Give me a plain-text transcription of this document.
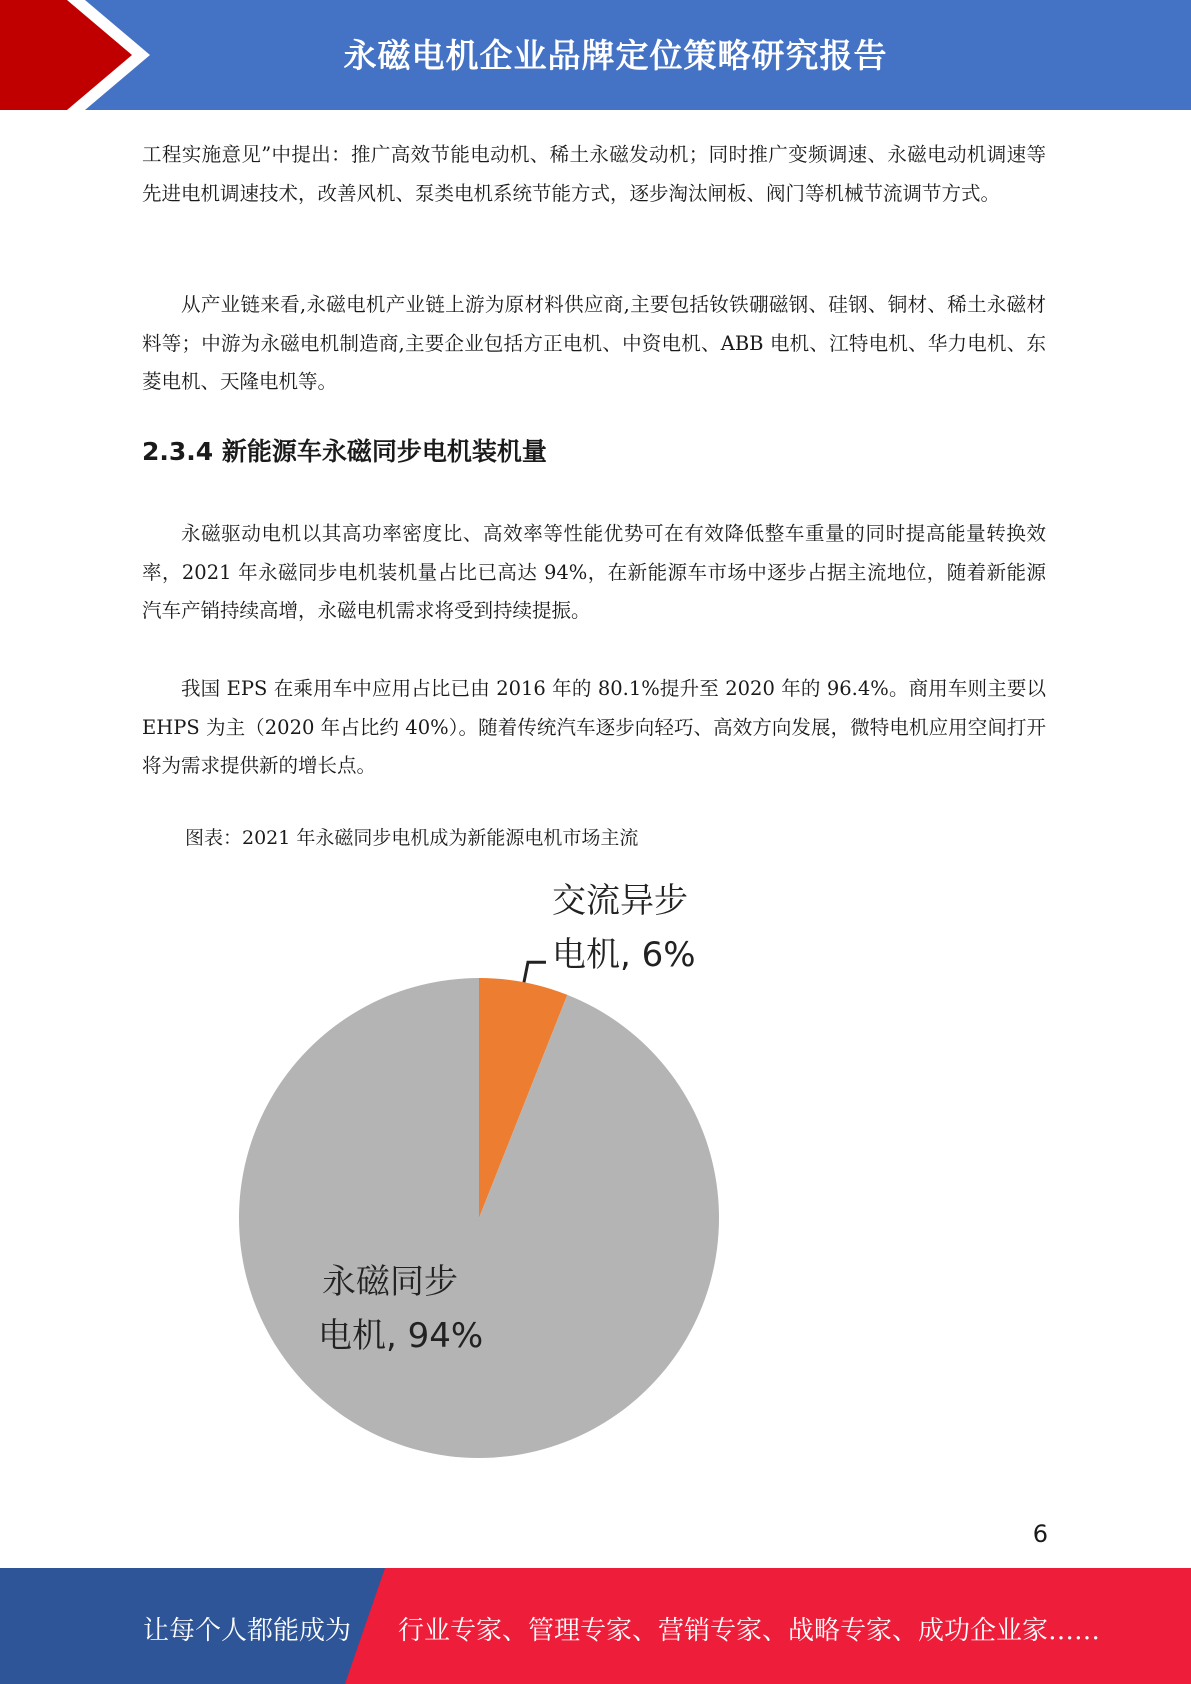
永磁电机企业品牌定位策略研究报告

工程实施意见”中提出：推广高效节能电动机、稀土永磁发动机；同时推广变频调速、永磁电动机调速等先进电机调速技术，改善风机、泵类电机系统节能方式，逐步淘汰闸板、阀门等机械节流调节方式。

从产业链来看,永磁电机产业链上游为原材料供应商,主要包括钕铁硼磁钢、硅钢、铜材、稀土永磁材料等；中游为永磁电机制造商,主要企业包括方正电机、中资电机、ABB 电机、江特电机、华力电机、东菱电机、天隆电机等。

2.3.4 新能源车永磁同步电机装机量

永磁驱动电机以其高功率密度比、高效率等性能优势可在有效降低整车重量的同时提高能量转换效率，2021 年永磁同步电机装机量占比已高达 94%，在新能源车市场中逐步占据主流地位，随着新能源汽车产销持续高增，永磁电机需求将受到持续提振。

我国 EPS 在乘用车中应用占比已由 2016 年的 80.1%提升至 2020 年的 96.4%。商用车则主要以 EHPS 为主（2020 年占比约 40%）。随着传统汽车逐步向轻巧、高效方向发展，微特电机应用空间打开将为需求提供新的增长点。

图表：2021 年永磁同步电机成为新能源电机市场主流

交流异步
电机, 6%
永磁同步
电机, 94%
6
让每个人都能成为 行业专家、管理专家、营销专家、战略专家、成功企业家……
